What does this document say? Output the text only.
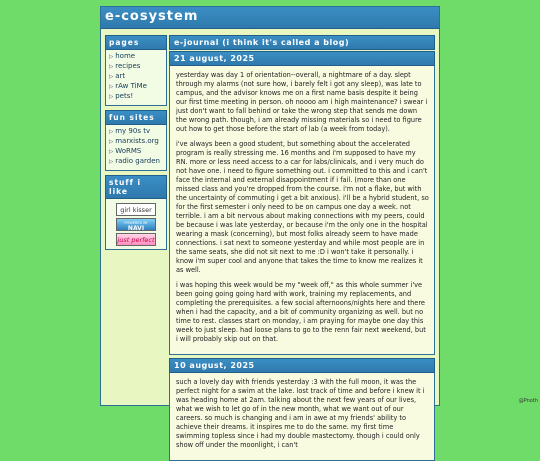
e-cosystem
pages
▷ home
▷ recipes
▷ art
▷ rAw TiMe
▷ pets!
fun sites
▷ my 90s tv
▷ marxists.org
▷ WoRMS
▷ radio garden
stuff i like
girl kisser
POWERED BY
NAVI
just perfect
e-journal (i think it's called a blog)
21 august, 2025

yesterday was day 1 of orientation--overall, a nightmare of a day. slept through my alarms (not sure how, i barely felt i got any sleep), was late to campus, and the advisor knows me on a first name basis despite it being our first time meeting in person. oh noooo am i high maintenance? i swear i just don't want to fall behind or take the wrong step that sends me down the wrong path. though, i am already missing materials so i need to figure out how to get those before the start of lab (a week from today).

i've always been a good student, but something about the accelerated program is really stressing me. 16 months and i'm supposed to have my RN. more or less need access to a car for labs/clinicals, and i very much do not have one. i need to figure something out. i committed to this and i can't face the internal and external disappointment if i fail. (more than one missed class and you're dropped from the course. i'm not a flake, but with the uncertainty of commuting i get a bit anxious). i'll be a hybrid student, so for the first semester i only need to be on campus one day a week. not terrible. i am a bit nervous about making connections with my peers, could be because i was late yesterday, or because i'm the only one in the hospital wearing a mask (concerning), but most folks already seem to have made connections. i sat next to someone yesterday and while most people are in the same seats, she did not sit next to me :D i won't take it personally. i know i'm super cool and anyone that takes the time to know me realizes it as well.

i was hoping this week would be my "week off," as this whole summer i've been going going going hard with work, training my replacements, and completing the prerequisites. a few social afternoons/nights here and there when i had the capacity, and a bit of community organizing as well. but no time to rest. classes start on monday, i am praying for maybe one day this week to just sleep. had loose plans to go to the renn fair next weekend, but i will probably skip out on that.

10 august, 2025

such a lovely day with friends yesterday :3 with the full moon, it was the perfect night for a swim at the lake. lost track of time and before i knew it i was heading home at 2am. talking about the next few years of our lives, what we wish to let go of in the new month, what we want out of our careers. so much is changing and i am in awe at my friends' ability to achieve their dreams. it inspires me to do the same. my first time swimming topless since i had my double mastectomy. though i could only show off under the moonlight, i can't

@Pnoth
